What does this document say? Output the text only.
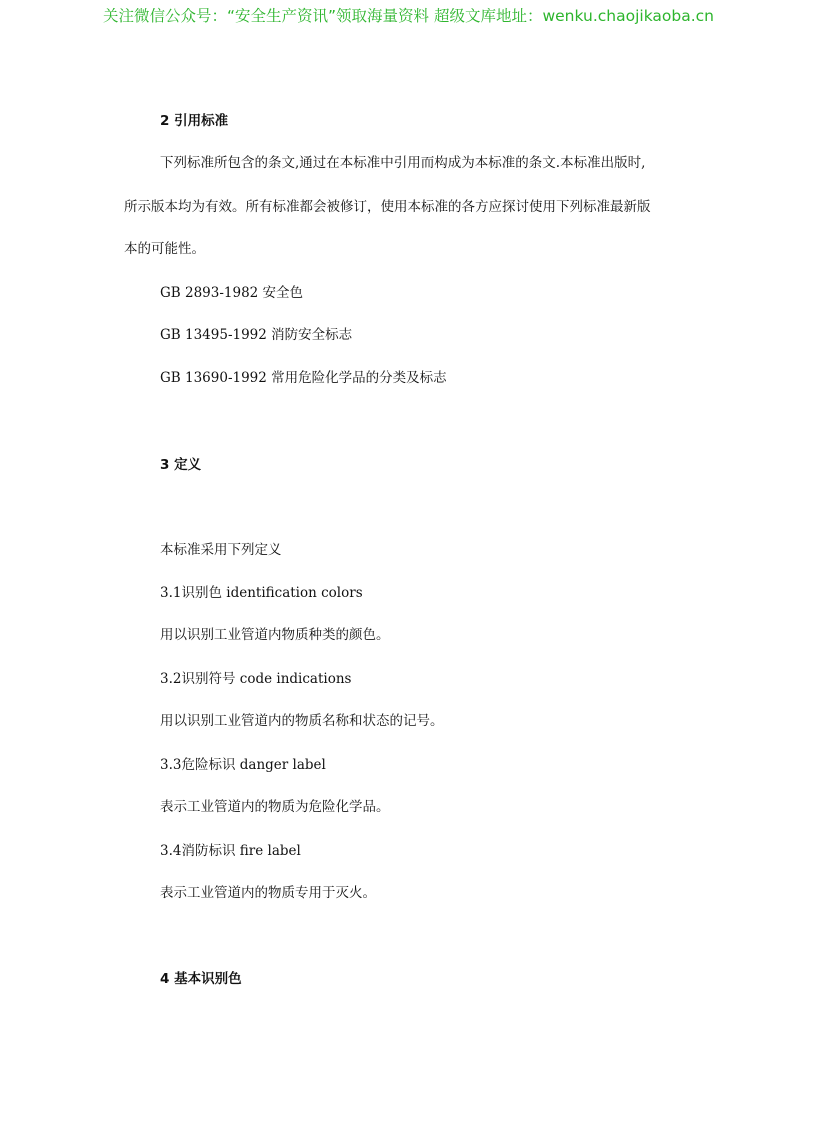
关注微信公众号：“安全生产资讯”领取海量资料 超级文库地址：wenku.chaojikaoba.cn
2 引用标准
下列标准所包含的条文,通过在本标准中引用而构成为本标准的条文.本标准出版时,
所示版本均为有效。所有标准都会被修订，使用本标准的各方应探讨使用下列标准最新版
本的可能性。
GB 2893-1982 安全色
GB 13495-1992 消防安全标志
GB 13690-1992 常用危险化学品的分类及标志
3 定义
本标准采用下列定义
3.1识别色 identification colors
用以识别工业管道内物质种类的颜色。
3.2识别符号 code indications
用以识别工业管道内的物质名称和状态的记号。
3.3危险标识 danger label
表示工业管道内的物质为危险化学品。
3.4消防标识 fire label
表示工业管道内的物质专用于灭火。
4 基本识别色
